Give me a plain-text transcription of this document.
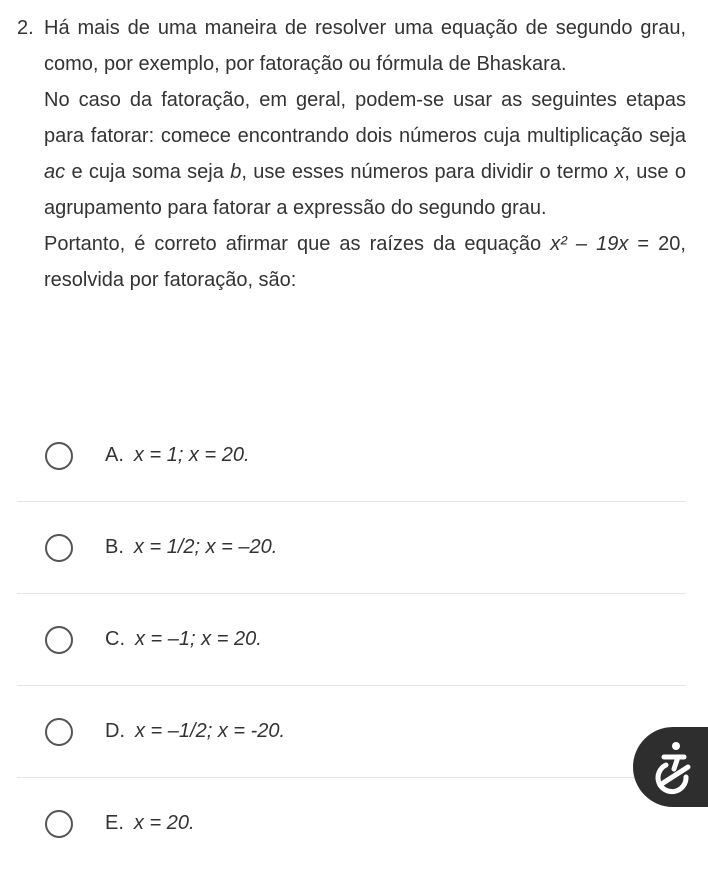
2. Há mais de uma maneira de resolver uma equação de segundo grau, como, por exemplo, por fatoração ou fórmula de Bhaskara.

No caso da fatoração, em geral, podem-se usar as seguintes etapas para fatorar: comece encontrando dois números cuja multiplicação seja ac e cuja soma seja b, use esses números para dividir o termo x, use o agrupamento para fatorar a expressão do segundo grau.

Portanto, é correto afirmar que as raízes da equação x² – 19x = 20, resolvida por fatoração, são:

A. x = 1; x = 20.
B. x = 1/2; x = –20.
C. x = –1; x = 20.
D. x = –1/2; x = -20.
E. x = 20.
